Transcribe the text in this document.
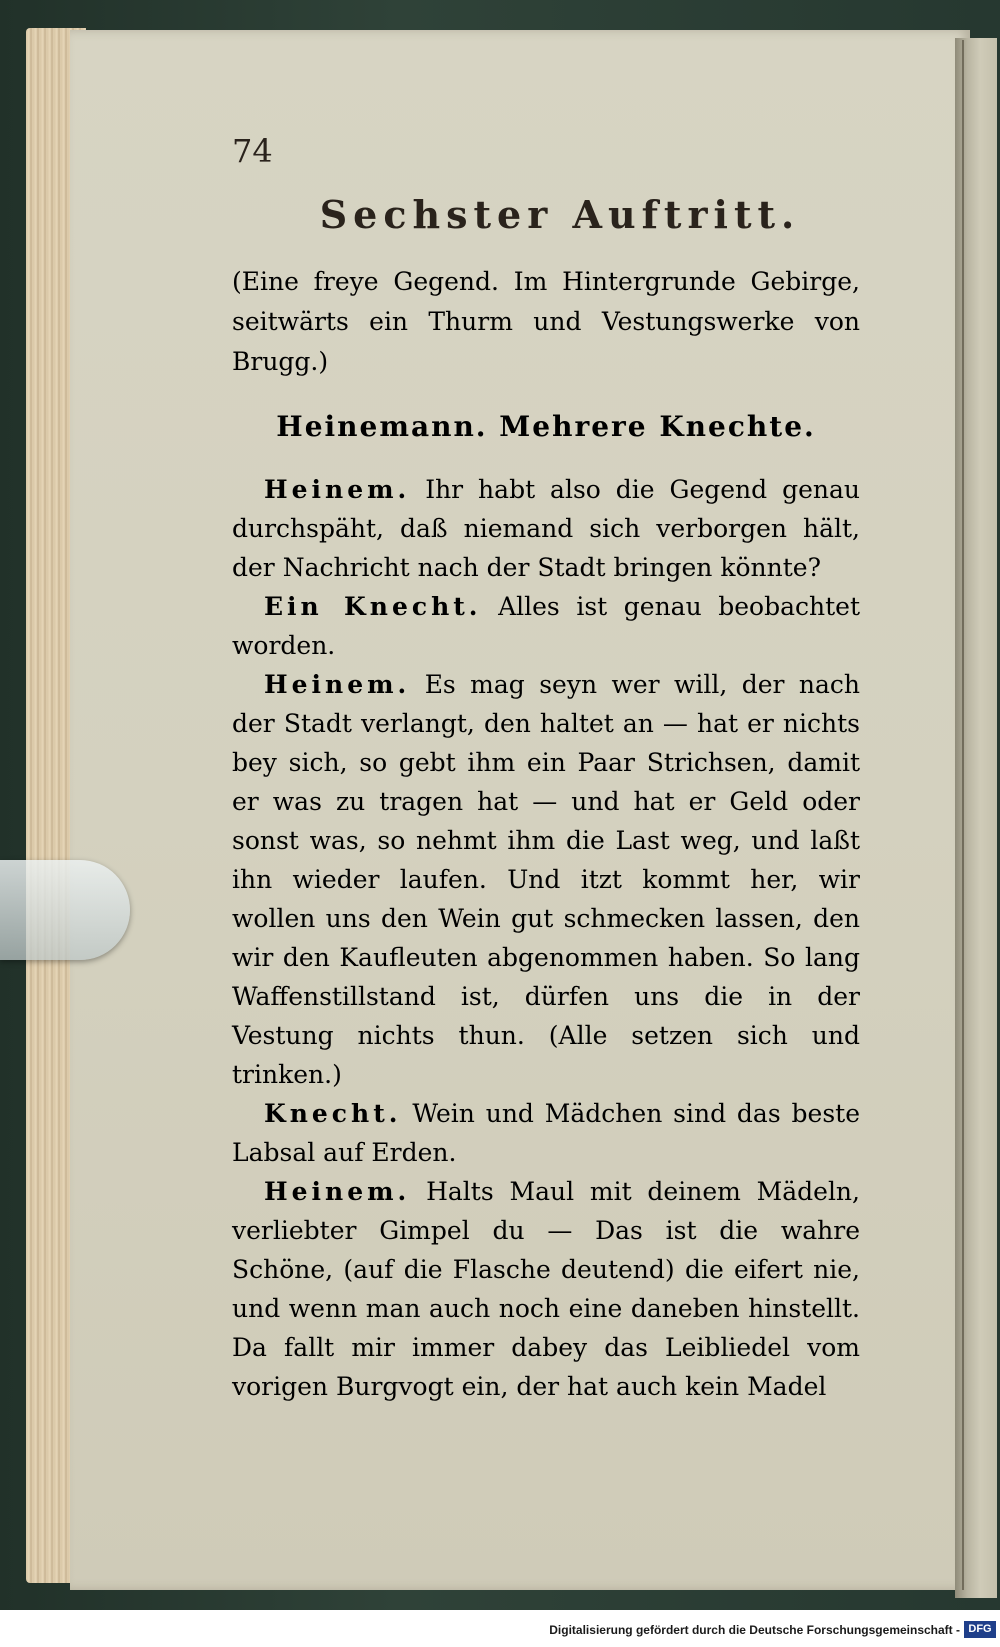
74
Sechster Auftritt.
(Eine freye Gegend. Im Hintergrunde Gebirge, seitwärts ein Thurm und Vestungswerke von Brugg.)
Heinemann. Mehrere Knechte.

Heinem. Ihr habt also die Gegend genau durchspäht, daß niemand sich verborgen hält, der Nachricht nach der Stadt bringen könnte?

Ein Knecht. Alles ist genau beobachtet worden.

Heinem. Es mag seyn wer will, der nach der Stadt verlangt, den haltet an — hat er nichts bey sich, so gebt ihm ein Paar Strichsen, damit er was zu tragen hat — und hat er Geld oder sonst was, so nehmt ihm die Last weg, und laßt ihn wieder laufen. Und itzt kommt her, wir wollen uns den Wein gut schmecken lassen, den wir den Kaufleuten abgenommen haben. So lang Waffenstillstand ist, dürfen uns die in der Vestung nichts thun. (Alle setzen sich und trinken.)

Knecht. Wein und Mädchen sind das beste Labsal auf Erden.

Heinem. Halts Maul mit deinem Mädeln, verliebter Gimpel du — Das ist die wahre Schöne, (auf die Flasche deutend) die eifert nie, und wenn man auch noch eine daneben hinstellt. Da fallt mir immer dabey das Leibliedel vom vorigen Burgvogt ein, der hat auch kein Madel

Digitalisierung gefördert durch die Deutsche Forschungsgemeinschaft - DFG
